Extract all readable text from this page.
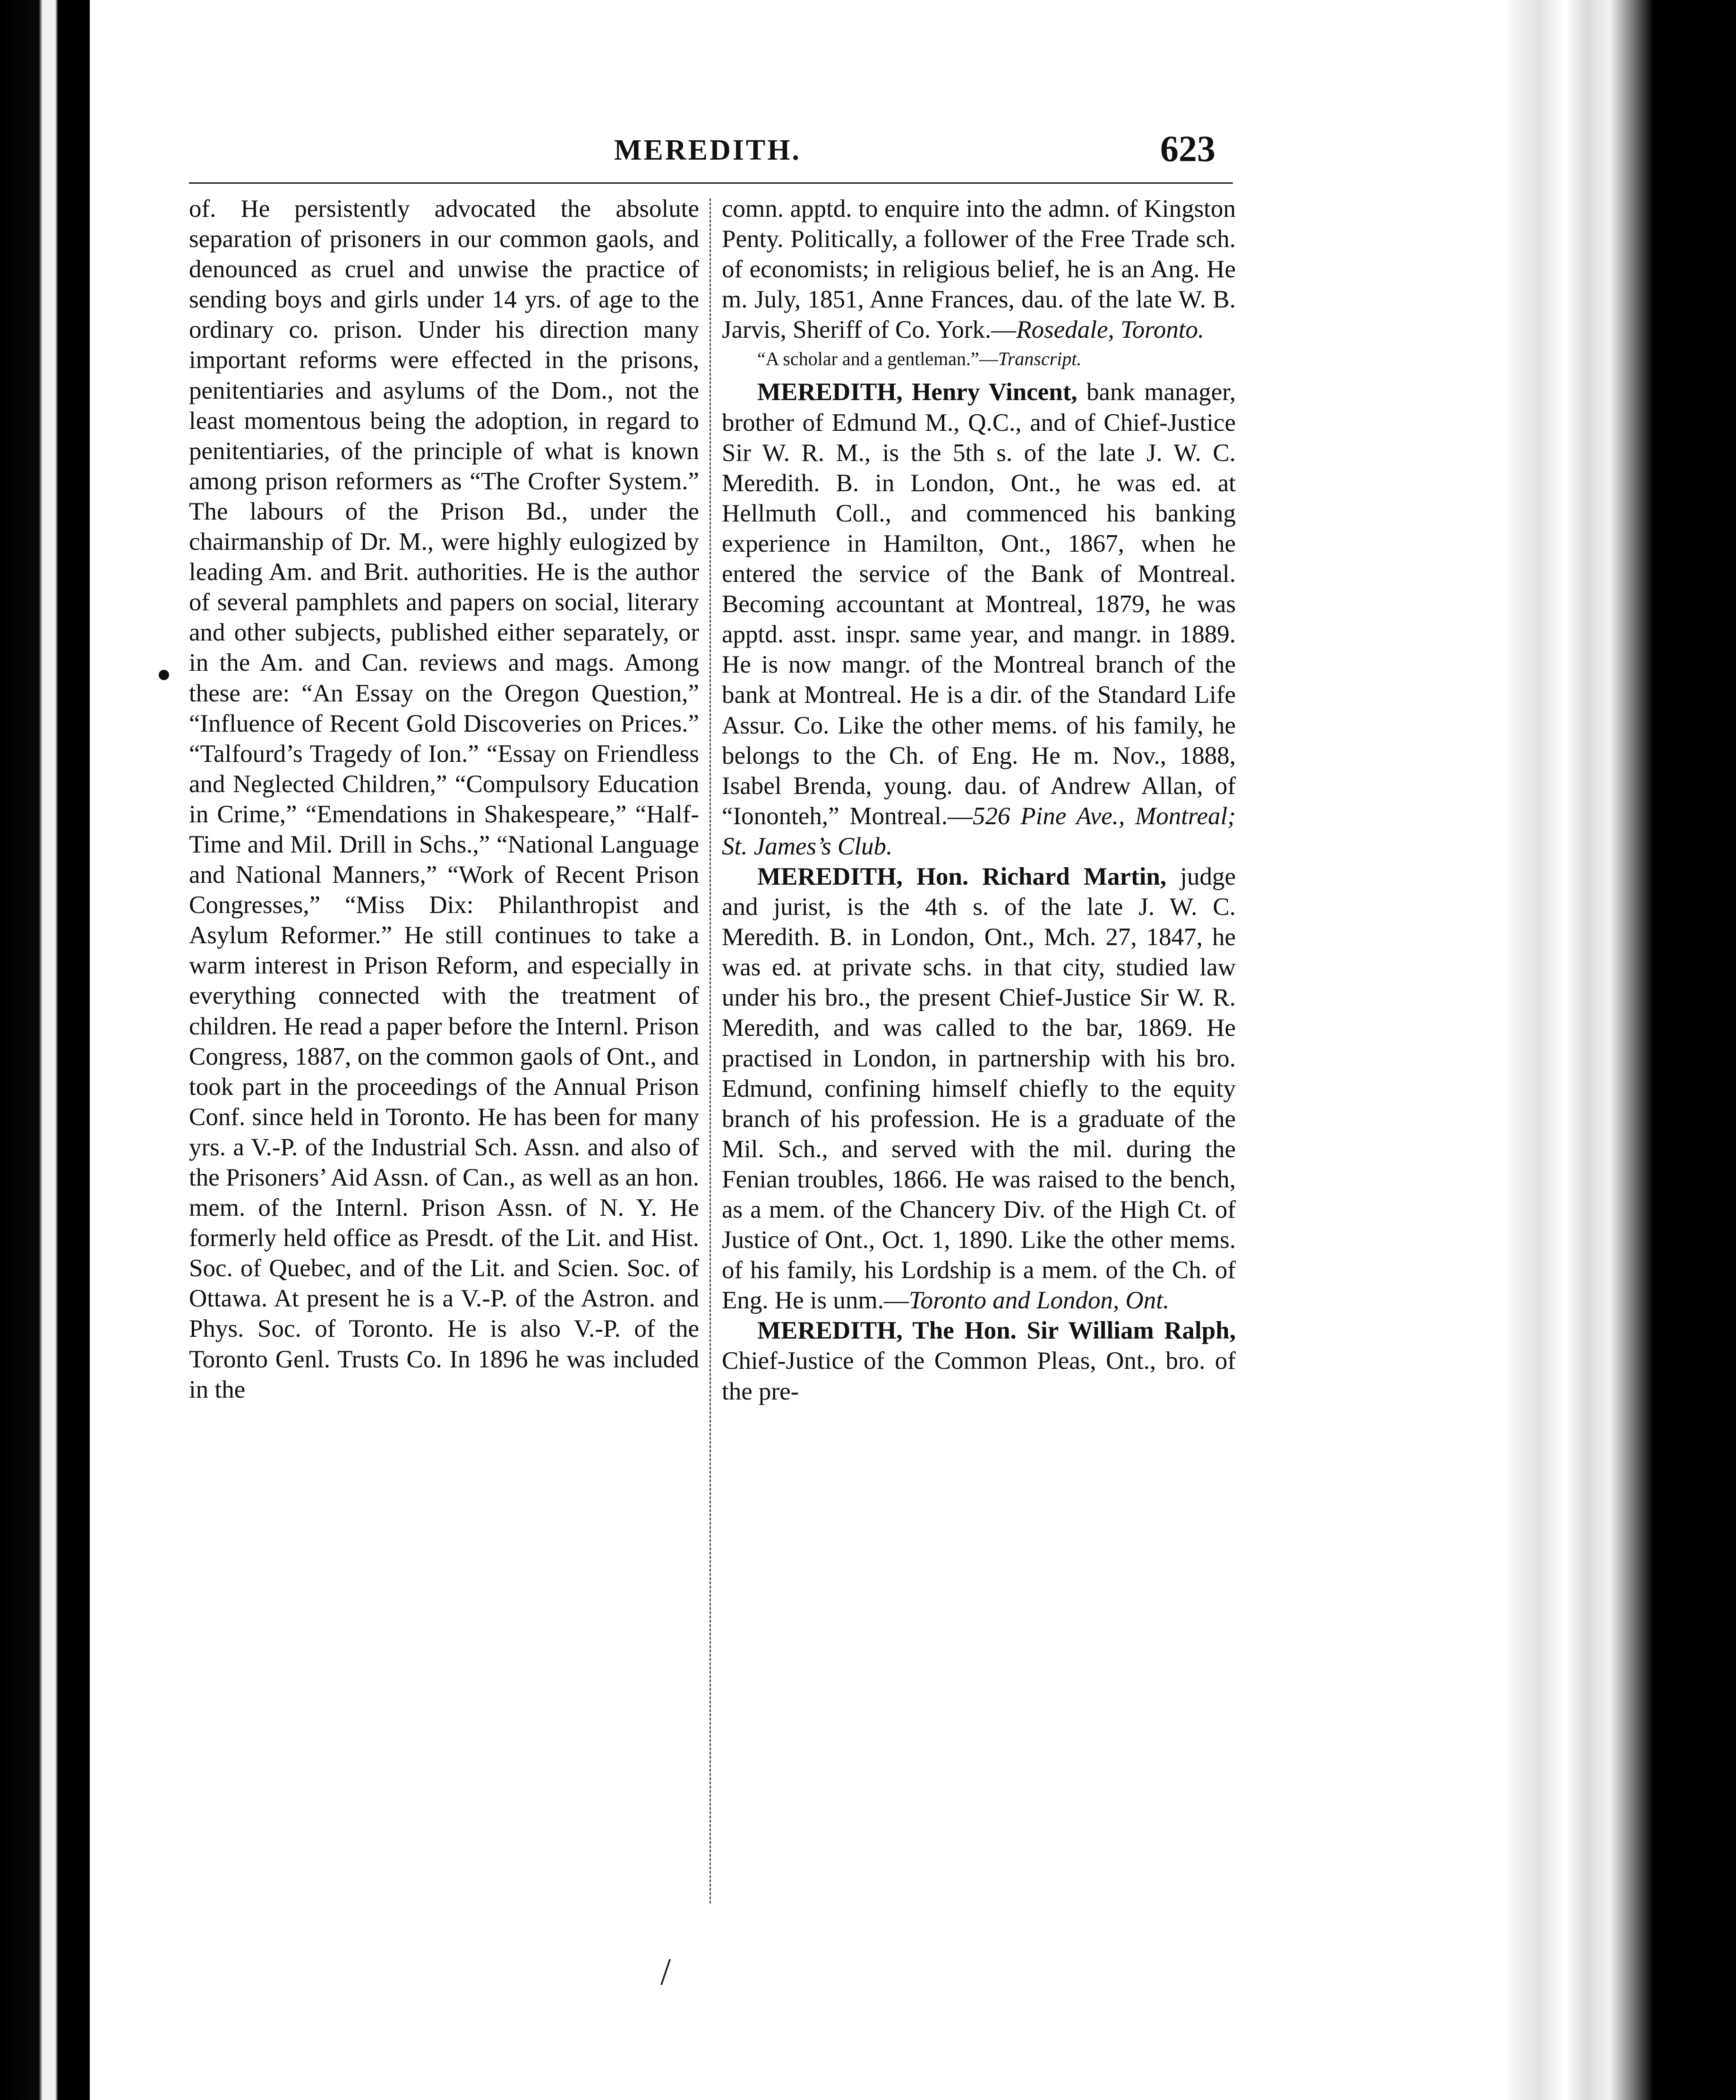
MEREDITH.	623

of. He persistently advocated the absolute separation of prisoners in our common gaols, and denounced as cruel and unwise the practice of sending boys and girls under 14 yrs. of age to the ordinary co. prison. Under his direction many important reforms were effected in the prisons, penitentiaries and asylums of the Dom., not the least momentous being the adoption, in regard to penitentiaries, of the principle of what is known among prison reformers as “The Crofter System.” The labours of the Prison Bd., under the chairmanship of Dr. M., were highly eulogized by leading Am. and Brit. authorities. He is the author of several pamphlets and papers on social, literary and other subjects, published either separately, or in the Am. and Can. reviews and mags. Among these are: “An Essay on the Oregon Question,” “Influence of Recent Gold Discoveries on Prices.” “Talfourd’s Tragedy of Ion.” “Essay on Friendless and Neglected Children,” “Compulsory Education in Crime,” “Emendations in Shakespeare,” “Half-Time and Mil. Drill in Schs.,” “National Language and National Manners,” “Work of Recent Prison Congresses,” “Miss Dix: Philanthropist and Asylum Reformer.” He still continues to take a warm interest in Prison Reform, and especially in everything connected with the treatment of children. He read a paper before the Internl. Prison Congress, 1887, on the common gaols of Ont., and took part in the proceedings of the Annual Prison Conf. since held in Toronto. He has been for many yrs. a V.-P. of the Industrial Sch. Assn. and also of the Prisoners’ Aid Assn. of Can., as well as an hon. mem. of the Internl. Prison Assn. of N. Y. He formerly held office as Presdt. of the Lit. and Hist. Soc. of Quebec, and of the Lit. and Scien. Soc. of Ottawa. At present he is a V.-P. of the Astron. and Phys. Soc. of Toronto. He is also V.-P. of the Toronto Genl. Trusts Co. In 1896 he was included in the

comn. apptd. to enquire into the admn. of Kingston Penty. Politically, a follower of the Free Trade sch. of economists; in religious belief, he is an Ang. He m. July, 1851, Anne Frances, dau. of the late W. B. Jarvis, Sheriff of Co. York.—Rosedale, Toronto.

“A scholar and a gentleman.”—Transcript.

MEREDITH, Henry Vincent, bank manager, brother of Edmund M., Q.C., and of Chief-Justice Sir W. R. M., is the 5th s. of the late J. W. C. Meredith. B. in London, Ont., he was ed. at Hellmuth Coll., and commenced his banking experience in Hamilton, Ont., 1867, when he entered the service of the Bank of Montreal. Becoming accountant at Montreal, 1879, he was apptd. asst. inspr. same year, and mangr. in 1889. He is now mangr. of the Montreal branch of the bank at Montreal. He is a dir. of the Standard Life Assur. Co. Like the other mems. of his family, he belongs to the Ch. of Eng. He m. Nov., 1888, Isabel Brenda, young. dau. of Andrew Allan, of “Iononteh,” Montreal.—526 Pine Ave., Montreal; St. James’s Club.

MEREDITH, Hon. Richard Martin, judge and jurist, is the 4th s. of the late J. W. C. Meredith. B. in London, Ont., Mch. 27, 1847, he was ed. at private schs. in that city, studied law under his bro., the present Chief-Justice Sir W. R. Meredith, and was called to the bar, 1869. He practised in London, in partnership with his bro. Edmund, confining himself chiefly to the equity branch of his profession. He is a graduate of the Mil. Sch., and served with the mil. during the Fenian troubles, 1866. He was raised to the bench, as a mem. of the Chancery Div. of the High Ct. of Justice of Ont., Oct. 1, 1890. Like the other mems. of his family, his Lordship is a mem. of the Ch. of Eng. He is unm.—Toronto and London, Ont.

MEREDITH, The Hon. Sir William Ralph, Chief-Justice of the Common Pleas, Ont., bro. of the pre-

/
